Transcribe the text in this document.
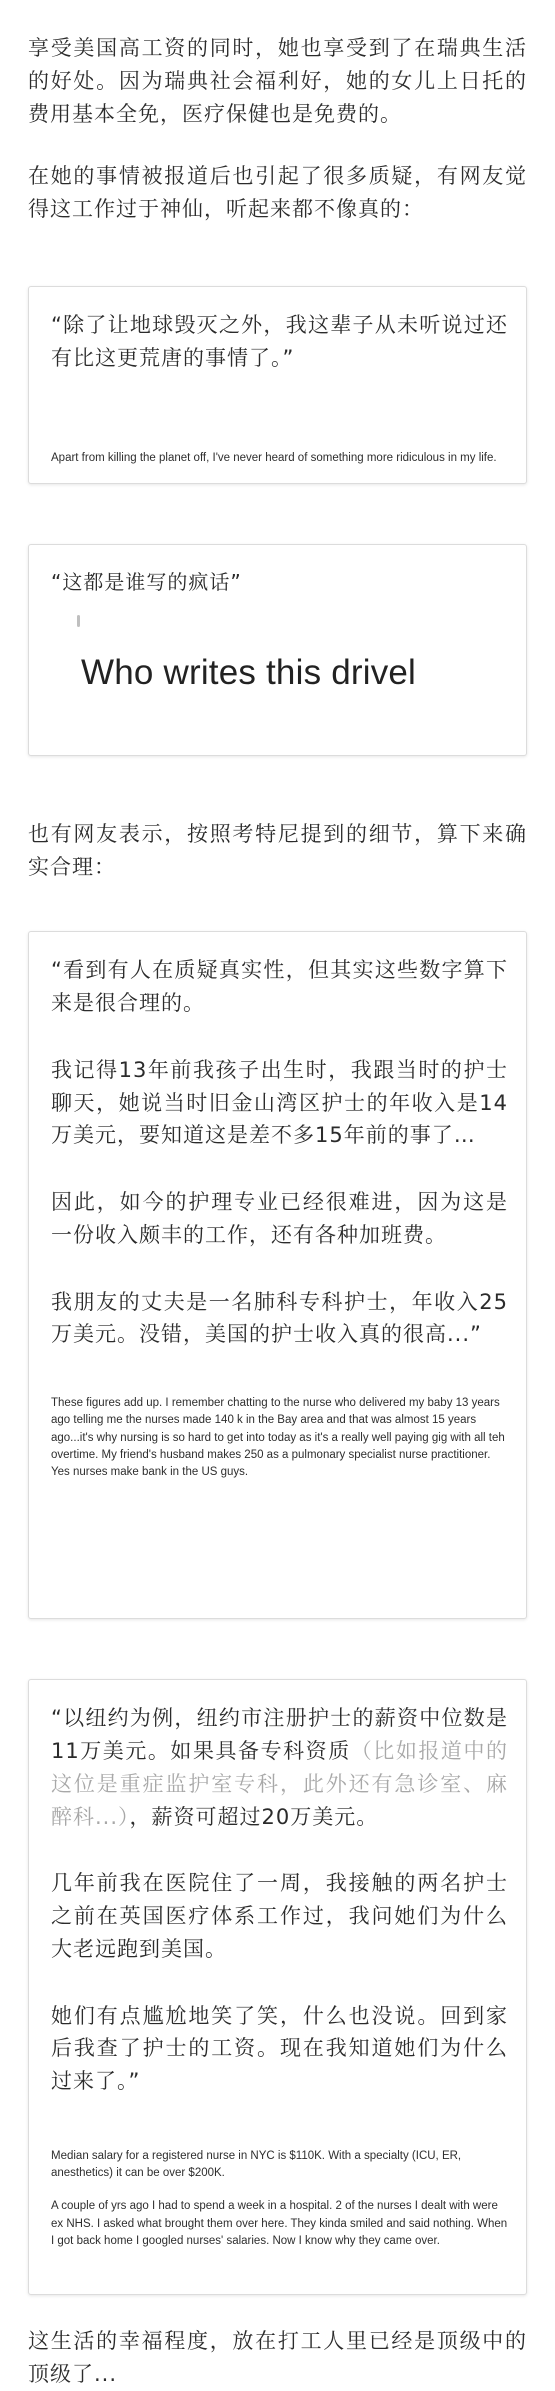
享受美国高工资的同时，她也享受到了在瑞典生活的好处。因为瑞典社会福利好，她的女儿上日托的费用基本全免，医疗保健也是免费的。

在她的事情被报道后也引起了很多质疑，有网友觉得这工作过于神仙，听起来都不像真的：

“除了让地球毁灭之外，我这辈子从未听说过还有比这更荒唐的事情了。”

Apart from killing the planet off, I've never heard of something more ridiculous in my life.

“这都是谁写的疯话”

Who writes this drivel

也有网友表示，按照考特尼提到的细节，算下来确实合理：

“看到有人在质疑真实性，但其实这些数字算下来是很合理的。

我记得13年前我孩子出生时，我跟当时的护士聊天，她说当时旧金山湾区护士的年收入是14万美元，要知道这是差不多15年前的事了…

因此，如今的护理专业已经很难进，因为这是一份收入颇丰的工作，还有各种加班费。

我朋友的丈夫是一名肺科专科护士，年收入25万美元。没错，美国的护士收入真的很高...”

These figures add up. I remember chatting to the nurse who delivered my baby 13 years ago telling me the nurses made 140 k in the Bay area and that was almost 15 years ago...it's why nursing is so hard to get into today as it's a really well paying gig with all teh overtime. My friend's husband makes 250 as a pulmonary specialist nurse practitioner. Yes nurses make bank in the US guys.

“以纽约为例，纽约市注册护士的薪资中位数是11万美元。如果具备专科资质（比如报道中的这位是重症监护室专科，此外还有急诊室、麻醉科...），薪资可超过20万美元。

几年前我在医院住了一周，我接触的两名护士之前在英国医疗体系工作过，我问她们为什么大老远跑到美国。

她们有点尴尬地笑了笑，什么也没说。回到家后我查了护士的工资。现在我知道她们为什么过来了。”

Median salary for a registered nurse in NYC is $110K. With a specialty (ICU, ER, anesthetics) it can be over $200K.

A couple of yrs ago I had to spend a week in a hospital. 2 of the nurses I dealt with were ex NHS. I asked what brought them over here. They kinda smiled and said nothing. When I got back home I googled nurses' salaries. Now I know why they came over.

这生活的幸福程度，放在打工人里已经是顶级中的顶级了...
